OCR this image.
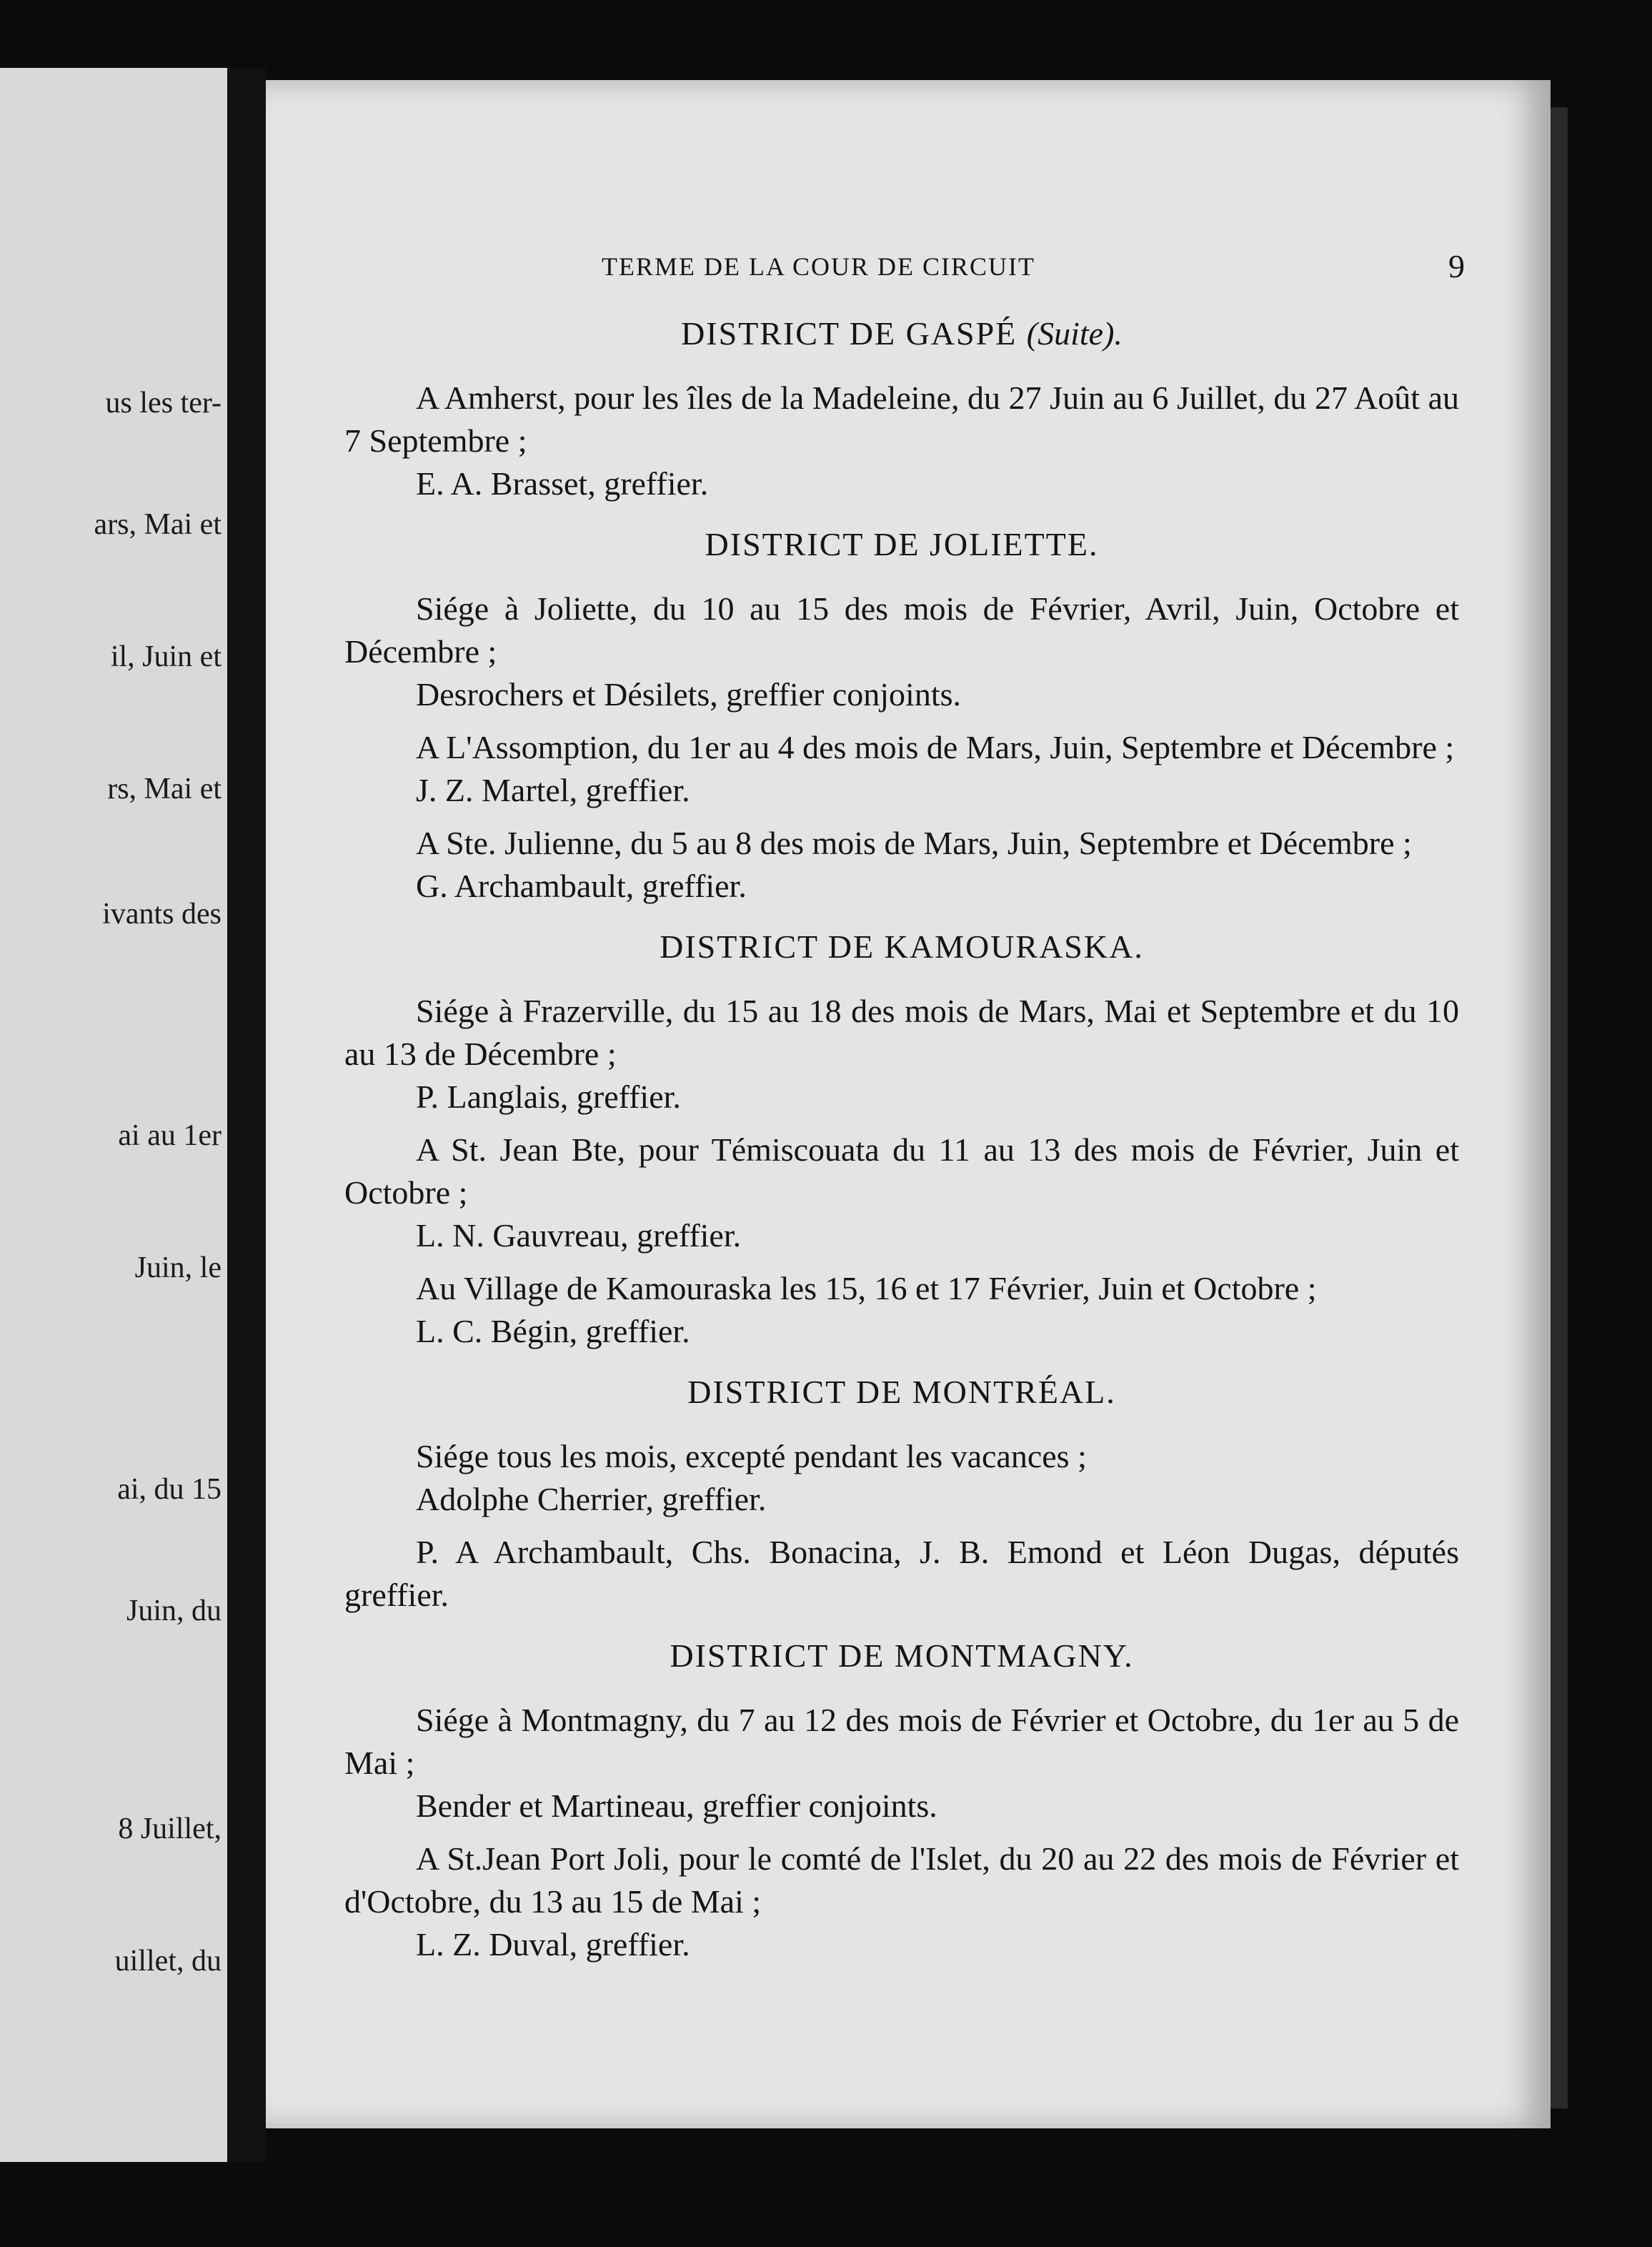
us les ter-
ars, Mai et
il, Juin et
rs, Mai et
ivants des
ai au 1er
Juin, le
ai, du 15
Juin, du
8 Juillet,
uillet, du
TERME DE LA COUR DE CIRCUIT	9
DISTRICT DE GASPÉ (Suite).

A Amherst, pour les îles de la Madeleine, du 27 Juin au 6 Juillet, du 27 Août au 7 Septembre ;

E. A. Brasset, greffier.

DISTRICT DE JOLIETTE.

Siége à Joliette, du 10 au 15 des mois de Février, Avril, Juin, Octobre et Décembre ;

Desrochers et Désilets, greffier conjoints.

A L'Assomption, du 1er au 4 des mois de Mars, Juin, Septembre et Décembre ;

J. Z. Martel, greffier.

A Ste. Julienne, du 5 au 8 des mois de Mars, Juin, Septembre et Décembre ;

G. Archambault, greffier.

DISTRICT DE KAMOURASKA.

Siége à Frazerville, du 15 au 18 des mois de Mars, Mai et Septembre et du 10 au 13 de Décembre ;

P. Langlais, greffier.

A St. Jean Bte, pour Témiscouata du 11 au 13 des mois de Février, Juin et Octobre ;

L. N. Gauvreau, greffier.

Au Village de Kamouraska les 15, 16 et 17 Février, Juin et Octobre ;

L. C. Bégin, greffier.

DISTRICT DE MONTRÉAL.

Siége tous les mois, excepté pendant les vacances ;

Adolphe Cherrier, greffier.

P. A Archambault, Chs. Bonacina, J. B. Emond et Léon Dugas, députés greffier.

DISTRICT DE MONTMAGNY.

Siége à Montmagny, du 7 au 12 des mois de Février et Octobre, du 1er au 5 de Mai ;

Bender et Martineau, greffier conjoints.

A St.Jean Port Joli, pour le comté de l'Islet, du 20 au 22 des mois de Février et d'Octobre, du 13 au 15 de Mai ;

L. Z. Duval, greffier.
